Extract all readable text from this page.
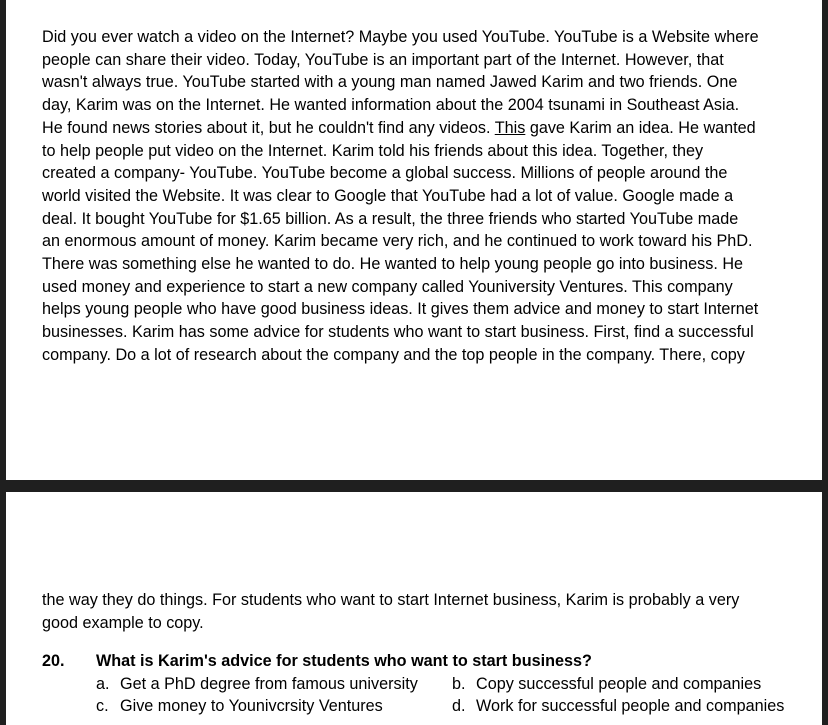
Did you ever watch a video on the Internet? Maybe you used YouTube. YouTube is a Website where
people can share their video. Today, YouTube is an important part of the Internet. However, that
wasn't always true. YouTube started with a young man named Jawed Karim and two friends. One
day, Karim was on the Internet. He wanted information about the 2004 tsunami in Southeast Asia.
He found news stories about it, but he couldn't find any videos. This gave Karim an idea. He wanted
to help people put video on the Internet. Karim told his friends about this idea. Together, they
created a company- YouTube. YouTube become a global success. Millions of people around the
world visited the Website. It was clear to Google that YouTube had a lot of value. Google made a
deal. It bought YouTube for $1.65 billion. As a result, the three friends who started YouTube made
an enormous amount of money. Karim became very rich, and he continued to work toward his PhD.
There was something else he wanted to do. He wanted to help young people go into business. He
used money and experience to start a new company called Youniversity Ventures. This company
helps young people who have good business ideas. It gives them advice and money to start Internet
businesses. Karim has some advice for students who want to start business. First, find a successful
company. Do a lot of research about the company and the top people in the company. There, copy
the way they do things. For students who want to start Internet business, Karim is probably a very
good example to copy.
20. What is Karim's advice for students who want to start business?
a. Get a PhD degree from famous university b. Copy successful people and companies
c. Give money to Younivcrsity Ventures	d. Work for successful people and companies
